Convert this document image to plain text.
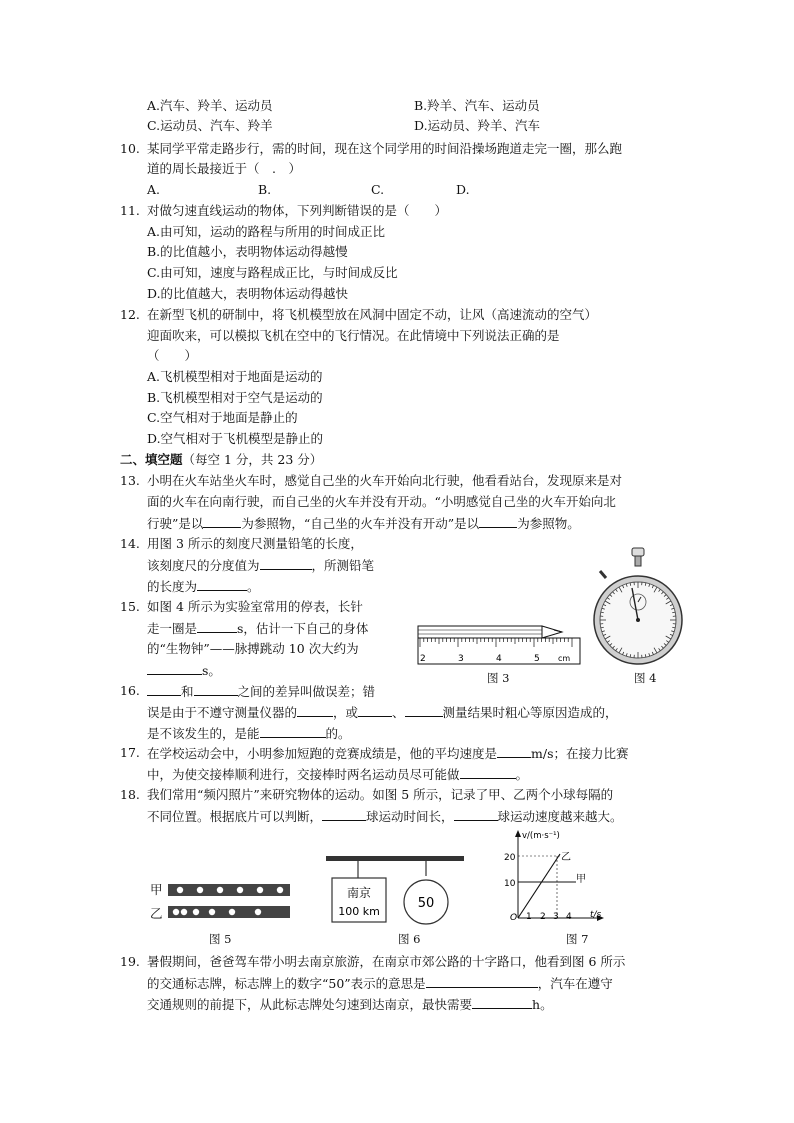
A.汽车、羚羊、运动员	B.羚羊、汽车、运动员
C.运动员、汽车、羚羊	D.运动员、羚羊、汽车
10. 某同学平常走路步行，需的时间，现在这个同学用的时间沿操场跑道走完一圈，那么跑
道的周长最接近于（　.　）
A.	B.	C.	D.
11. 对做匀速直线运动的物体，下列判断错误的是（　　）
A.由可知，运动的路程与所用的时间成正比
B.的比值越小，表明物体运动得越慢
C.由可知，速度与路程成正比，与时间成反比
D.的比值越大，表明物体运动得越快
12. 在新型飞机的研制中，将飞机模型放在风洞中固定不动，让风（高速流动的空气）
迎面吹来，可以模拟飞机在空中的飞行情况。在此情境中下列说法正确的是
（　　）
A.飞机模型相对于地面是运动的
B.飞机模型相对于空气是运动的
C.空气相对于地面是静止的
D.空气相对于飞机模型是静止的
二、填空题（每空 1 分，共 23 分）
13. 小明在火车站坐火车时，感觉自己坐的火车开始向北行驶，他看看站台，发现原来是对
面的火车在向南行驶，而自己坐的火车并没有开动。“小明感觉自己坐的火车开始向北
行驶”是以	为参照物，“自己坐的火车并没有开动”是以	为参照物。
14. 用图 3 所示的刻度尺测量铅笔的长度，
该刻度尺的分度值为	，所测铅笔
的长度为	。
15. 如图 4 所示为实验室常用的停表，长针
走一圈是	s，估计一下自己的身体
的“生物钟”——脉搏跳动 10 次大约为
s。
2	3	4	5 cm
图 3	图 4
16.	和	之间的差异叫做误差；错
误是由于不遵守测量仪器的	，或	、	测量结果时粗心等原因造成的，
是不该发生的，是能	的。
17. 在学校运动会中，小明参加短跑的竞赛成绩是，他的平均速度是	m/s；在接力比赛
中，为使交接棒顺利进行，交接棒时两名运动员尽可能做	。
18. 我们常用“频闪照片”来研究物体的运动。如图 5 所示，记录了甲、乙两个小球每隔的
不同位置。根据底片可以判断，	球运动时间长，	球运动速度越来越大。
甲
乙
图 5
南京
100 km
50
图 6
v/(m·s⁻¹)
t/s
20
10
O 1 2 3 4
乙
甲
图 7
19. 暑假期间，爸爸驾车带小明去南京旅游，在南京市郊公路的十字路口，他看到图 6 所示
的交通标志牌，标志牌上的数字“50”表示的意思是	，汽车在遵守
交通规则的前提下，从此标志牌处匀速到达南京，最快需要	h。
